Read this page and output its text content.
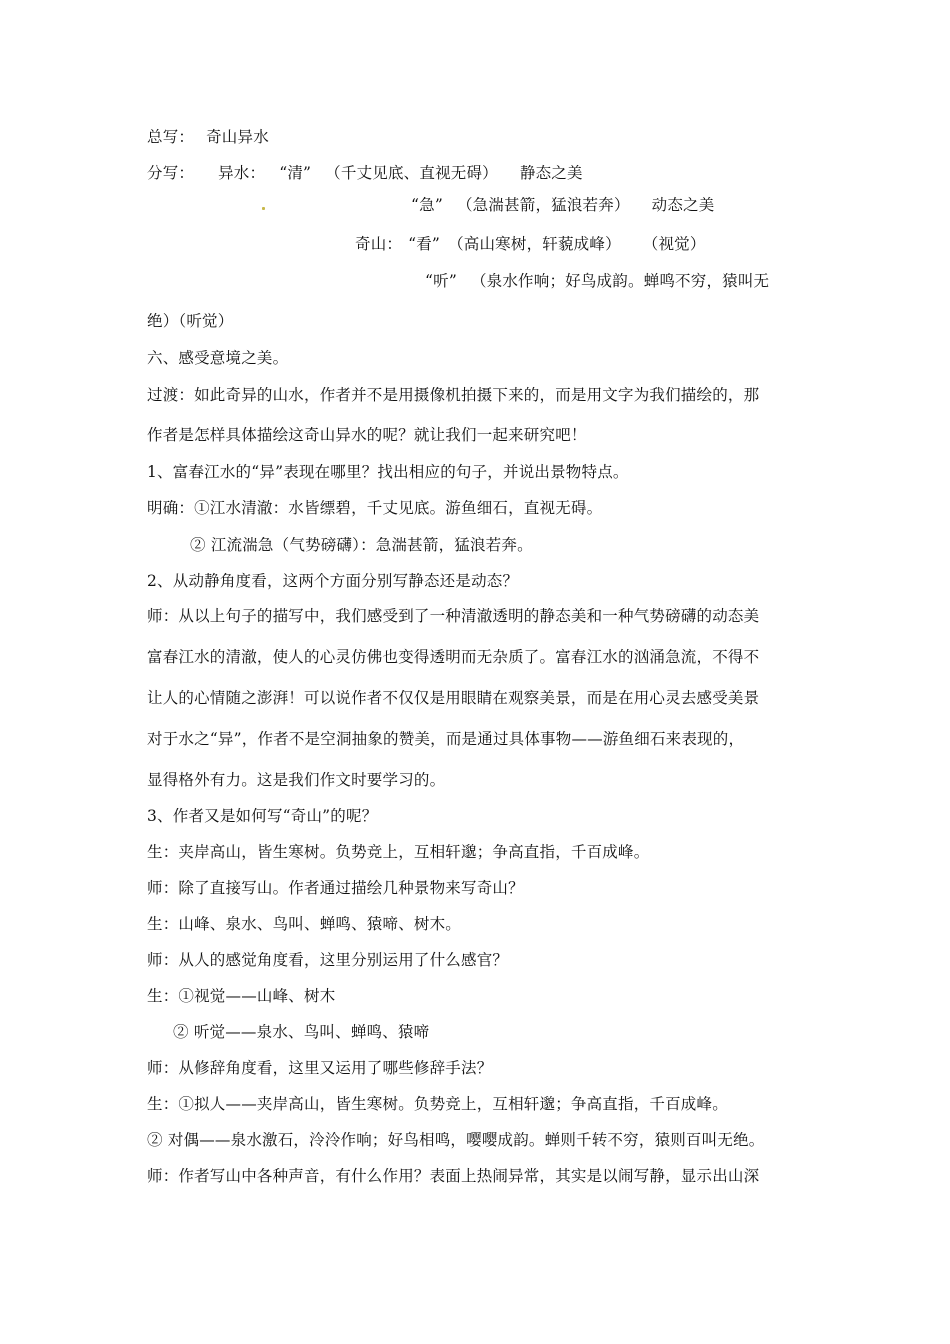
总写： 奇山异水
分写： 异水： “清” （千丈见底、直视无碍） 静态之美
“急” （急湍甚箭，猛浪若奔） 动态之美
奇山： “看” （高山寒树，轩藐成峰） （视觉）
“听” （泉水作响；好鸟成韵。蝉鸣不穷，猿叫无
绝）（听觉）
六、感受意境之美。
过渡：如此奇异的山水，作者并不是用摄像机拍摄下来的，而是用文字为我们描绘的，那
作者是怎样具体描绘这奇山异水的呢？就让我们一起来研究吧！
1、富春江水的“异”表现在哪里？找出相应的句子，并说出景物特点。
明确：①江水清澈：水皆缥碧，千丈见底。游鱼细石，直视无碍。
② 江流湍急（气势磅礴）：急湍甚箭，猛浪若奔。
2、从动静角度看，这两个方面分别写静态还是动态？
师：从以上句子的描写中，我们感受到了一种清澈透明的静态美和一种气势磅礴的动态美
富春江水的清澈，使人的心灵仿佛也变得透明而无杂质了。富春江水的汹涌急流，不得不
让人的心情随之澎湃！可以说作者不仅仅是用眼睛在观察美景，而是在用心灵去感受美景
对于水之“异”，作者不是空洞抽象的赞美，而是通过具体事物——游鱼细石来表现的，
显得格外有力。这是我们作文时要学习的。
3、作者又是如何写“奇山”的呢？
生：夹岸高山，皆生寒树。负势竞上，互相轩邈；争高直指，千百成峰。
师：除了直接写山。作者通过描绘几种景物来写奇山？
生：山峰、泉水、鸟叫、蝉鸣、猿啼、树木。
师：从人的感觉角度看，这里分别运用了什么感官？
生：①视觉——山峰、树木
② 听觉——泉水、鸟叫、蝉鸣、猿啼
师：从修辞角度看，这里又运用了哪些修辞手法？
生：①拟人——夹岸高山，皆生寒树。负势竞上，互相轩邈；争高直指，千百成峰。
② 对偶——泉水激石，泠泠作响；好鸟相鸣，嘤嘤成韵。蝉则千转不穷，猿则百叫无绝。
师：作者写山中各种声音，有什么作用？表面上热闹异常，其实是以闹写静，显示出山深
